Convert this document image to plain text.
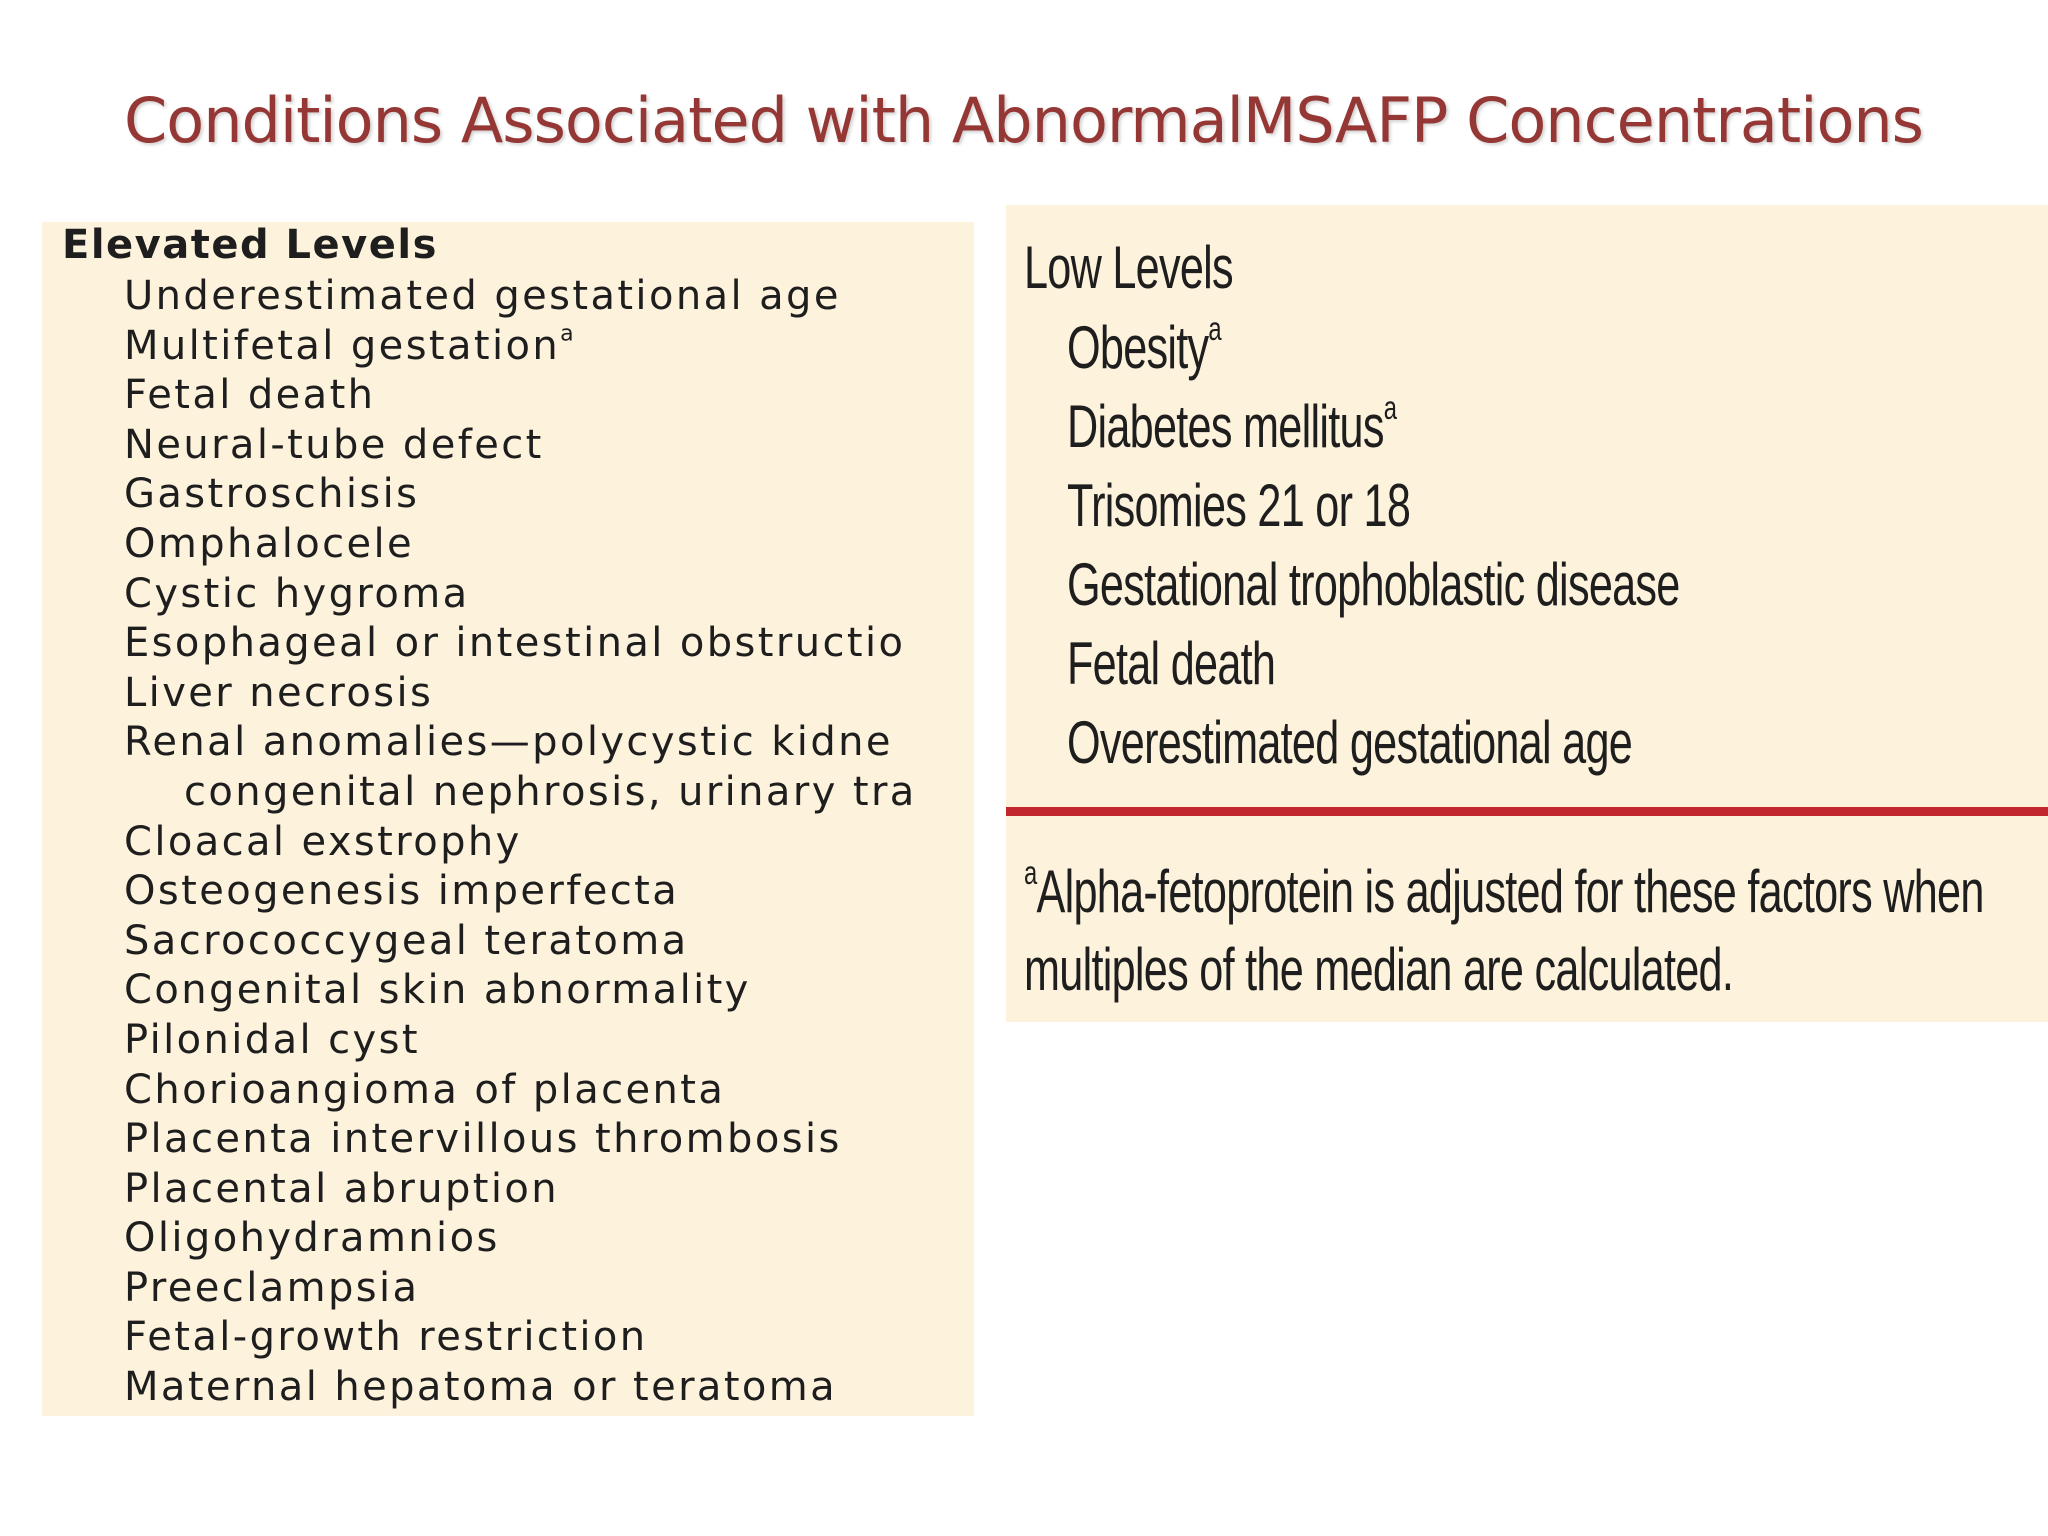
Conditions Associated with AbnormalMSAFP Concentrations
Elevated Levels
Underestimated gestational age
Multifetal gestation$^a$
Fetal death
Neural-tube defect
Gastroschisis
Omphalocele
Cystic hygroma
Esophageal or intestinal obstructio
Liver necrosis
Renal anomalies—polycystic kidne
congenital nephrosis, urinary tra
Cloacal exstrophy
Osteogenesis imperfecta
Sacrococcygeal teratoma
Congenital skin abnormality
Pilonidal cyst
Chorioangioma of placenta
Placenta intervillous thrombosis
Placental abruption
Oligohydramnios
Preeclampsia
Fetal-growth restriction
Maternal hepatoma or teratoma
Low Levels
Obesity$^a$
Diabetes mellitus$^a$
Trisomies 21 or 18
Gestational trophoblastic disease
Fetal death
Overestimated gestational age

$^a$Alpha-fetoprotein is adjusted for these factors when
multiples of the median are calculated.
